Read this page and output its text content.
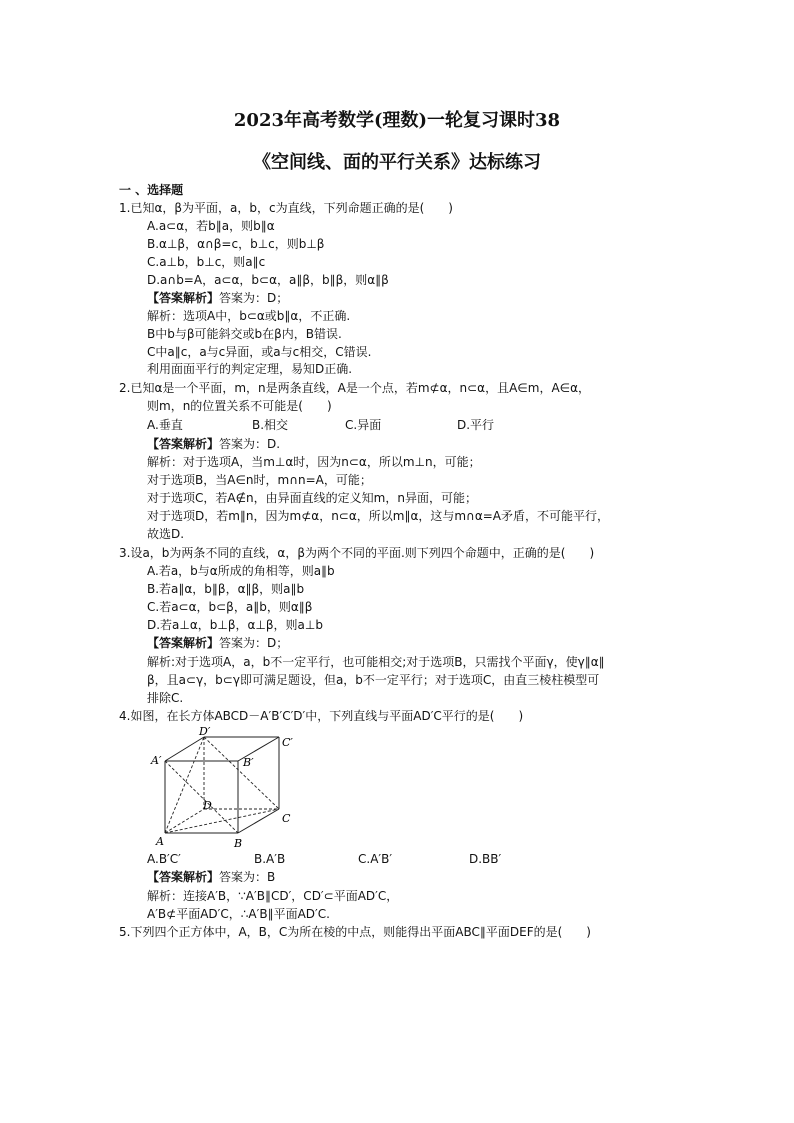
2023年高考数学(理数)一轮复习课时38
《空间线、面的平行关系》达标练习
一 、选择题
1.已知α，β为平面，a，b，c为直线，下列命题正确的是(　　)
A.a⊂α，若b∥a，则b∥α
B.α⊥β，α∩β=c，b⊥c，则b⊥β
C.a⊥b，b⊥c，则a∥c
D.a∩b=A，a⊂α，b⊂α，a∥β，b∥β，则α∥β
【答案解析】答案为：D；
解析：选项A中，b⊂α或b∥α，不正确.
B中b与β可能斜交或b在β内，B错误.
C中a∥c，a与c异面，或a与c相交，C错误.
利用面面平行的判定定理，易知D正确.
2.已知α是一个平面，m，n是两条直线，A是一个点，若m⊄α，n⊂α，且A∈m，A∈α，
则m，n的位置关系不可能是(　　)
A.垂直	B.相交	C.异面	D.平行
【答案解析】答案为：D.
解析：对于选项A，当m⊥α时，因为n⊂α，所以m⊥n，可能；
对于选项B，当A∈n时，m∩n=A，可能；
对于选项C，若A∉n，由异面直线的定义知m，n异面，可能；
对于选项D，若m∥n，因为m⊄α，n⊂α，所以m∥α，这与m∩α=A矛盾，不可能平行，
故选D.
3.设a，b为两条不同的直线，α，β为两个不同的平面.则下列四个命题中，正确的是(　　)
A.若a，b与α所成的角相等，则a∥b
B.若a∥α，b∥β，α∥β，则a∥b
C.若a⊂α，b⊂β，a∥b，则α∥β
D.若a⊥α，b⊥β，α⊥β，则a⊥b
【答案解析】答案为：D；
解析:对于选项A，a，b不一定平行，也可能相交;对于选项B，只需找个平面γ，使γ∥α∥
β，且a⊂γ，b⊂γ即可满足题设，但a，b不一定平行；对于选项C，由直三棱柱模型可
排除C.
4.如图，在长方体ABCD－A′B′C′D′中，下列直线与平面AD′C平行的是(　　)
D′
C′
A′	B′
D
C
A	B
A.B′C′	B.A′B	C.A′B′	D.BB′
【答案解析】答案为：B
解析：连接A′B，∵A′B∥CD′，CD′⊂平面AD′C，
A′B⊄平面AD′C，∴A′B∥平面AD′C.
5.下列四个正方体中，A，B，C为所在棱的中点，则能得出平面ABC∥平面DEF的是(　　)
